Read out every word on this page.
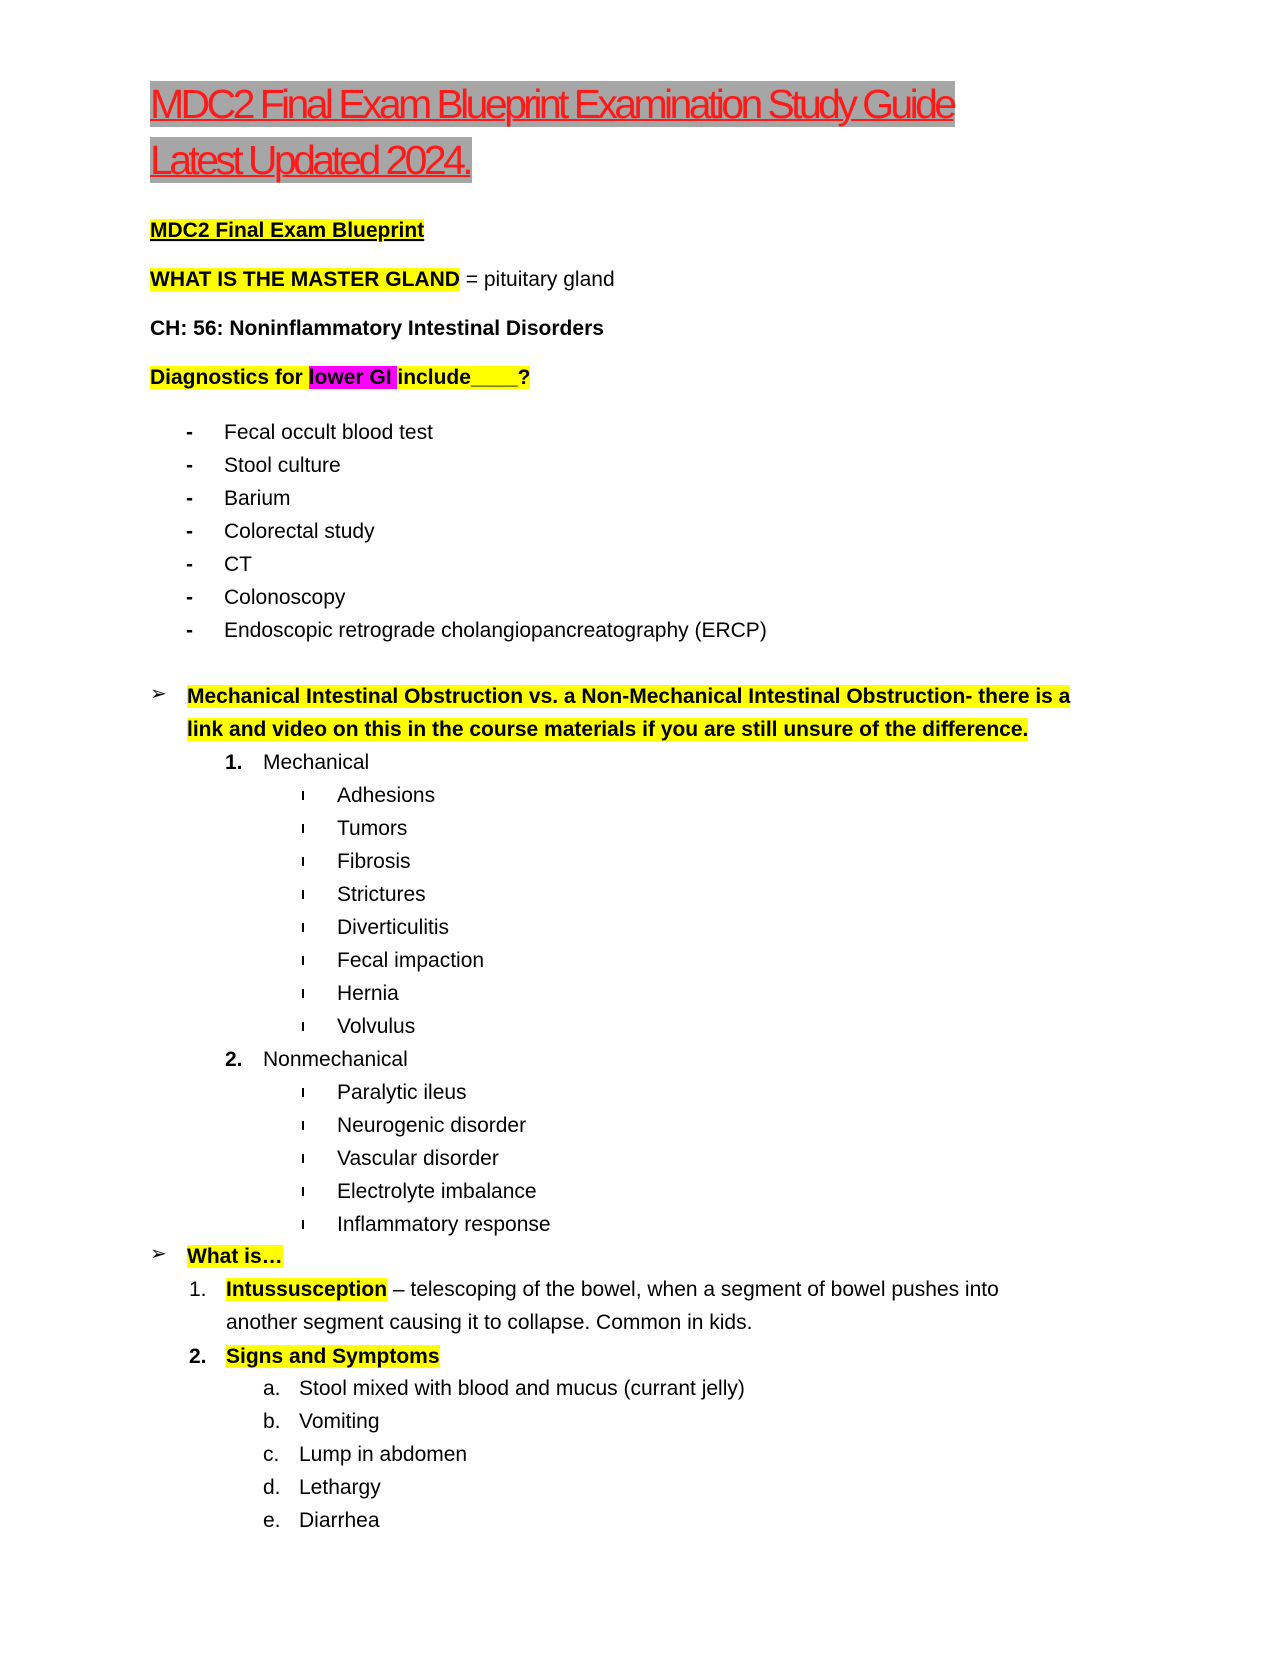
MDC2 Final Exam Blueprint Examination Study Guide Latest Updated 2024.
MDC2 Final Exam Blueprint
WHAT IS THE MASTER GLAND = pituitary gland
CH: 56: Noninflammatory Intestinal Disorders
Diagnostics for lower GI include____?
- Fecal occult blood test
- Stool culture
- Barium
- Colorectal study
- CT
- Colonoscopy
- Endoscopic retrograde cholangiopancreatography (ERCP)
➢ Mechanical Intestinal Obstruction vs. a Non-Mechanical Intestinal Obstruction- there is a
link and video on this in the course materials if you are still unsure of the difference.
1. Mechanical
Adhesions
Tumors
Fibrosis
Strictures
Diverticulitis
Fecal impaction
Hernia
Volvulus
2. Nonmechanical
Paralytic ileus
Neurogenic disorder
Vascular disorder
Electrolyte imbalance
Inflammatory response
➢ What is…
1. Intussusception – telescoping of the bowel, when a segment of bowel pushes into
another segment causing it to collapse. Common in kids.
2. Signs and Symptoms
a. Stool mixed with blood and mucus (currant jelly)
b. Vomiting
c. Lump in abdomen
d. Lethargy
e. Diarrhea
